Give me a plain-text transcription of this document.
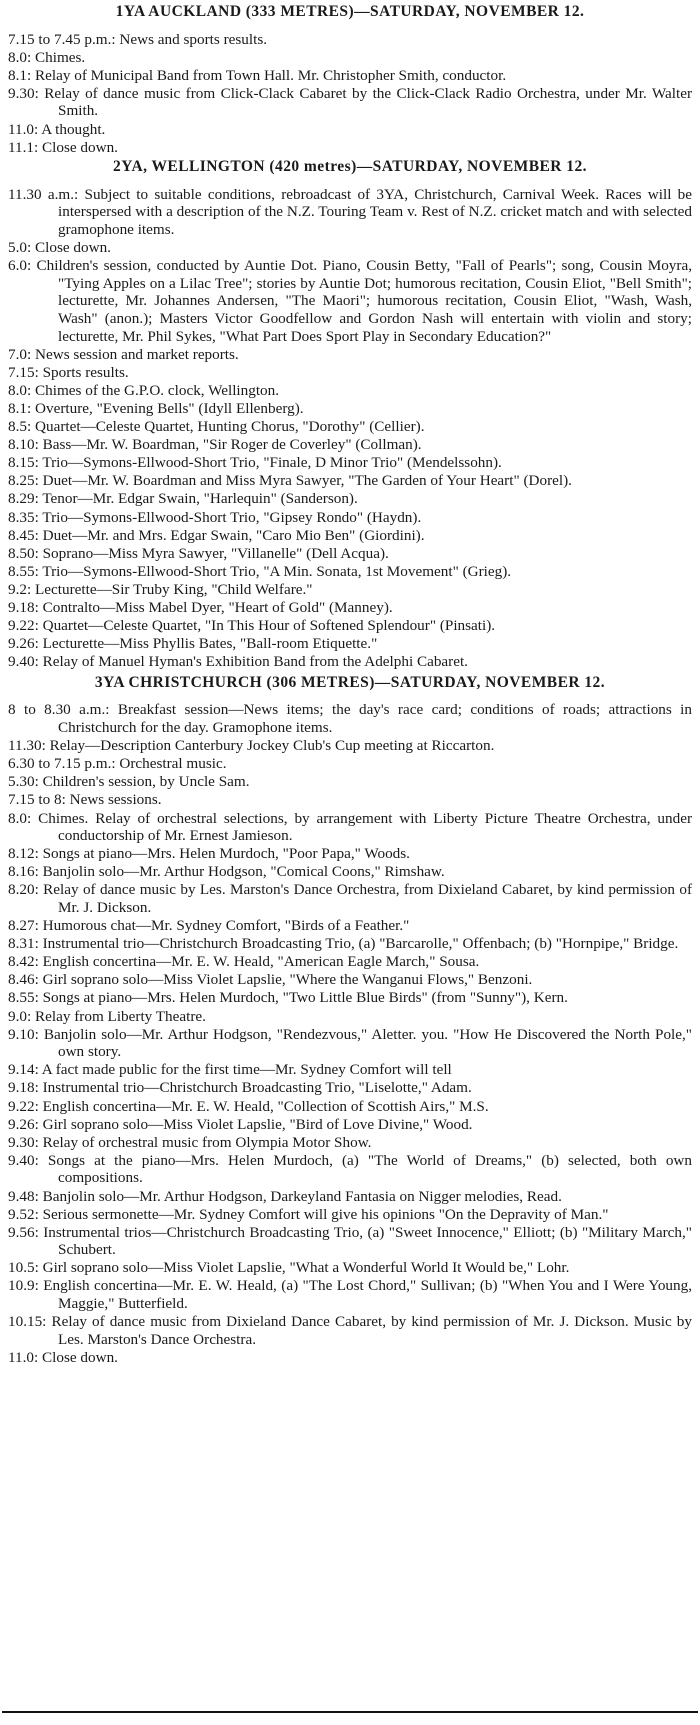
1YA AUCKLAND (333 METRES)—SATURDAY, NOVEMBER 12.
7.15 to 7.45 p.m.: News and sports results.
8.0: Chimes.
8.1: Relay of Municipal Band from Town Hall. Mr. Christopher Smith, conductor.
9.30: Relay of dance music from Click-Clack Cabaret by the Click-Clack Radio Orchestra, under Mr. Walter Smith.
11.0: A thought.
11.1: Close down.
2YA, WELLINGTON (420 metres)—SATURDAY, NOVEMBER 12.
11.30 a.m.: Subject to suitable conditions, rebroadcast of 3YA, Christchurch, Carnival Week. Races will be interspersed with a description of the N.Z. Touring Team v. Rest of N.Z. cricket match and with selected gramophone items.
5.0: Close down.
6.0: Children's session, conducted by Auntie Dot. Piano, Cousin Betty, "Fall of Pearls"; song, Cousin Moyra, "Tying Apples on a Lilac Tree"; stories by Auntie Dot; humorous recitation, Cousin Eliot, "Bell Smith"; lecturette, Mr. Johannes Andersen, "The Maori"; humorous recitation, Cousin Eliot, "Wash, Wash, Wash" (anon.); Masters Victor Goodfellow and Gordon Nash will entertain with violin and story; lecturette, Mr. Phil Sykes, "What Part Does Sport Play in Secondary Education?"
7.0: News session and market reports.
7.15: Sports results.
8.0: Chimes of the G.P.O. clock, Wellington.
8.1: Overture, "Evening Bells" (Idyll Ellenberg).
8.5: Quartet—Celeste Quartet, Hunting Chorus, "Dorothy" (Cellier).
8.10: Bass—Mr. W. Boardman, "Sir Roger de Coverley" (Collman).
8.15: Trio—Symons-Ellwood-Short Trio, "Finale, D Minor Trio" (Mendelssohn).
8.25: Duet—Mr. W. Boardman and Miss Myra Sawyer, "The Garden of Your Heart" (Dorel).
8.29: Tenor—Mr. Edgar Swain, "Harlequin" (Sanderson).
8.35: Trio—Symons-Ellwood-Short Trio, "Gipsey Rondo" (Haydn).
8.45: Duet—Mr. and Mrs. Edgar Swain, "Caro Mio Ben" (Giordini).
8.50: Soprano—Miss Myra Sawyer, "Villanelle" (Dell Acqua).
8.55: Trio—Symons-Ellwood-Short Trio, "A Min. Sonata, 1st Movement" (Grieg).
9.2: Lecturette—Sir Truby King, "Child Welfare."
9.18: Contralto—Miss Mabel Dyer, "Heart of Gold" (Manney).
9.22: Quartet—Celeste Quartet, "In This Hour of Softened Splendour" (Pinsati).
9.26: Lecturette—Miss Phyllis Bates, "Ball-room Etiquette."
9.40: Relay of Manuel Hyman's Exhibition Band from the Adelphi Cabaret.
3YA CHRISTCHURCH (306 METRES)—SATURDAY, NOVEMBER 12.
8 to 8.30 a.m.: Breakfast session—News items; the day's race card; conditions of roads; attractions in Christchurch for the day. Gramophone items.
11.30: Relay—Description Canterbury Jockey Club's Cup meeting at Riccarton.
6.30 to 7.15 p.m.: Orchestral music.
5.30: Children's session, by Uncle Sam.
7.15 to 8: News sessions.
8.0: Chimes. Relay of orchestral selections, by arrangement with Liberty Picture Theatre Orchestra, under conductorship of Mr. Ernest Jamieson.
8.12: Songs at piano—Mrs. Helen Murdoch, "Poor Papa," Woods.
8.16: Banjolin solo—Mr. Arthur Hodgson, "Comical Coons," Rimshaw.
8.20: Relay of dance music by Les. Marston's Dance Orchestra, from Dixieland Cabaret, by kind permission of Mr. J. Dickson.
8.27: Humorous chat—Mr. Sydney Comfort, "Birds of a Feather."
8.31: Instrumental trio—Christchurch Broadcasting Trio, (a) "Barcarolle," Offenbach; (b) "Hornpipe," Bridge.
8.42: English concertina—Mr. E. W. Heald, "American Eagle March," Sousa.
8.46: Girl soprano solo—Miss Violet Lapslie, "Where the Wanganui Flows," Benzoni.
8.55: Songs at piano—Mrs. Helen Murdoch, "Two Little Blue Birds" (from "Sunny"), Kern.
9.0: Relay from Liberty Theatre.
9.10: Banjolin solo—Mr. Arthur Hodgson, "Rendezvous," Aletter. you. "How He Discovered the North Pole," own story.
9.14: A fact made public for the first time—Mr. Sydney Comfort will tell
9.18: Instrumental trio—Christchurch Broadcasting Trio, "Liselotte," Adam.
9.22: English concertina—Mr. E. W. Heald, "Collection of Scottish Airs," M.S.
9.26: Girl soprano solo—Miss Violet Lapslie, "Bird of Love Divine," Wood.
9.30: Relay of orchestral music from Olympia Motor Show.
9.40: Songs at the piano—Mrs. Helen Murdoch, (a) "The World of Dreams," (b) selected, both own compositions.
9.48: Banjolin solo—Mr. Arthur Hodgson, Darkeyland Fantasia on Nigger melodies, Read.
9.52: Serious sermonette—Mr. Sydney Comfort will give his opinions "On the Depravity of Man."
9.56: Instrumental trios—Christchurch Broadcasting Trio, (a) "Sweet Innocence," Elliott; (b) "Military March," Schubert.
10.5: Girl soprano solo—Miss Violet Lapslie, "What a Wonderful World It Would be," Lohr.
10.9: English concertina—Mr. E. W. Heald, (a) "The Lost Chord," Sullivan; (b) "When You and I Were Young, Maggie," Butterfield.
10.15: Relay of dance music from Dixieland Dance Cabaret, by kind permission of Mr. J. Dickson. Music by Les. Marston's Dance Orchestra.
11.0: Close down.
